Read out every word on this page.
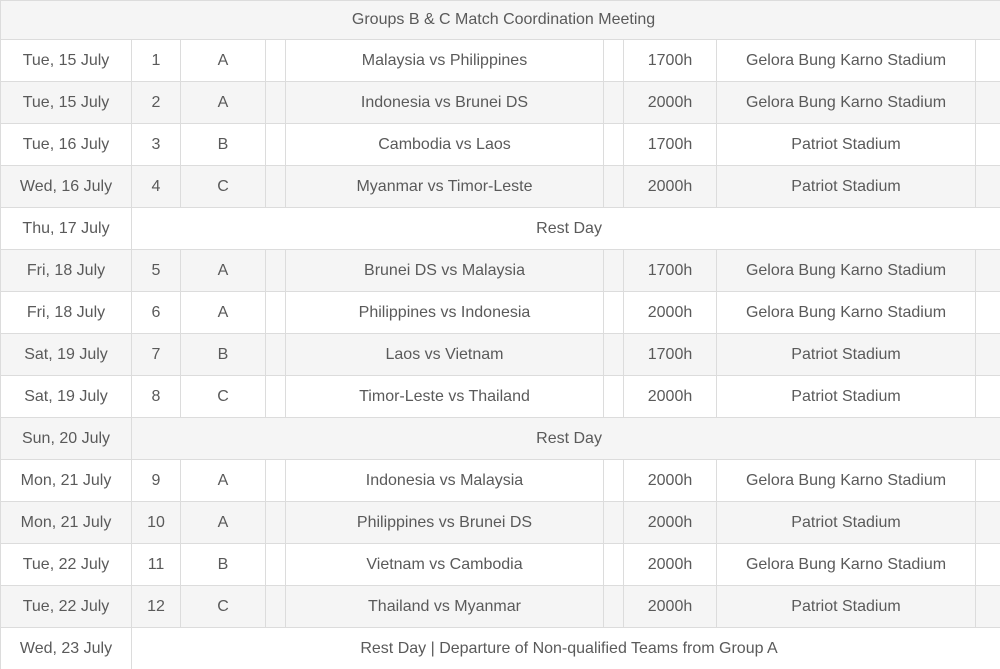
Groups B & C Match Coordination Meeting								
Tue, 15 July	1	A		Malaysia vs Philippines		1700h	Gelora Bung Karno Stadium	
Tue, 15 July	2	A		Indonesia vs Brunei DS		2000h	Gelora Bung Karno Stadium	
Tue, 16 July	3	B		Cambodia vs Laos		1700h	Patriot Stadium	
Wed, 16 July	4	C		Myanmar vs Timor-Leste		2000h	Patriot Stadium	
Thu, 17 July	Rest Day							
Fri, 18 July	5	A		Brunei DS vs Malaysia		1700h	Gelora Bung Karno Stadium	
Fri, 18 July	6	A		Philippines vs Indonesia		2000h	Gelora Bung Karno Stadium	
Sat, 19 July	7	B		Laos vs Vietnam		1700h	Patriot Stadium	
Sat, 19 July	8	C		Timor-Leste vs Thailand		2000h	Patriot Stadium	
Sun, 20 July	Rest Day							
Mon, 21 July	9	A		Indonesia vs Malaysia		2000h	Gelora Bung Karno Stadium	
Mon, 21 July	10	A		Philippines vs Brunei DS		2000h	Patriot Stadium	
Tue, 22 July	11	B		Vietnam vs Cambodia		2000h	Gelora Bung Karno Stadium	
Tue, 22 July	12	C		Thailand vs Myanmar		2000h	Patriot Stadium	
Wed, 23 July	Rest Day | Departure of Non-qualified Teams from Group A							
